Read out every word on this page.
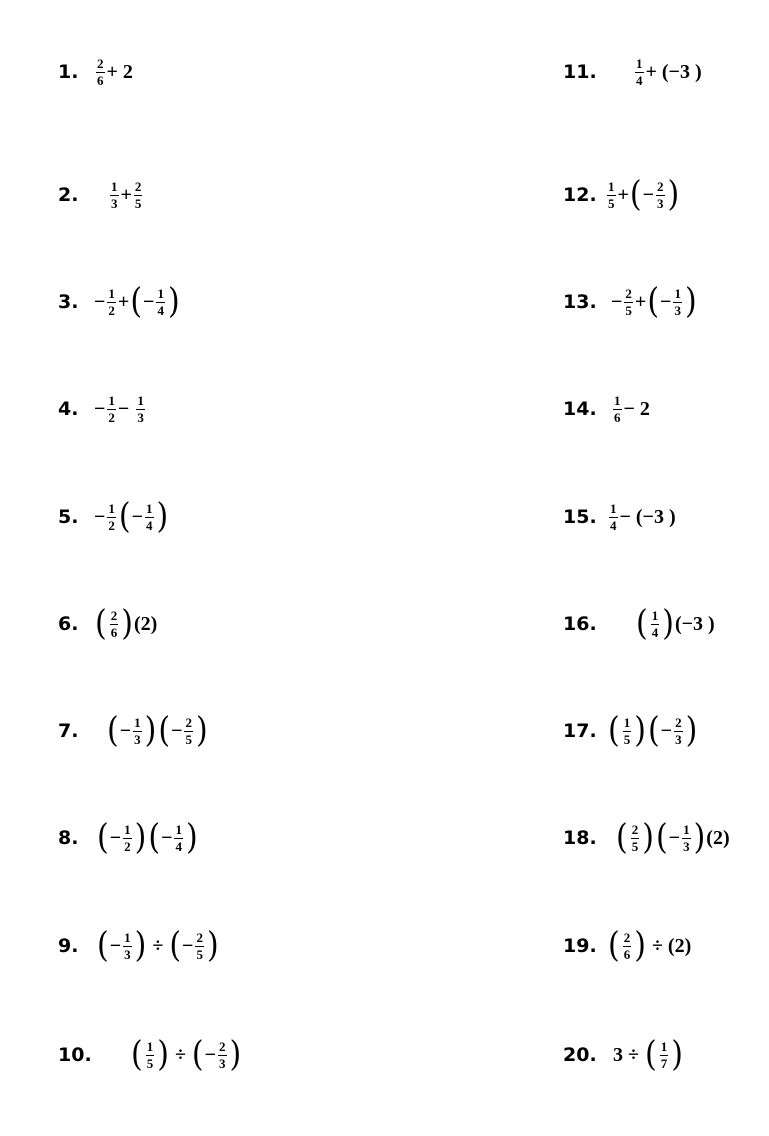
1.	$\frac{2}{6} + 2$
2.	$\frac{1}{3} + \frac{2}{5}$
3. − $\frac{1}{2}$ + ( − $\frac{1}{4}$ )
4. − $\frac{1}{2} - \frac{1}{3}$
5. − $\frac{1}{2}$ ( − $\frac{1}{4}$ )
6. ( $\frac{2}{6}$ ) (2)
7. ( − $\frac{1}{3}$ ) ( − $\frac{2}{5}$ )
8. ( − $\frac{1}{2}$ ) ( − $\frac{1}{4}$ )
9. ( − $\frac{1}{3}$ ) ÷ ( − $\frac{2}{5}$ )
10.	( $\frac{1}{5}$ ) ÷ ( − $\frac{2}{3}$ )
11.	$\frac{1}{4} + (-3$ )
12. $\frac{1}{5}$ + ( − $\frac{2}{3}$ )
13. − $\frac{2}{5}$ + ( − $\frac{1}{3}$ )
14.	$\frac{1}{6} - 2$
15. $\frac{1}{4} - (-3$ )
16.	( $\frac{1}{4}$ ) (−3 )
17. ( $\frac{1}{5}$ ) ( − $\frac{2}{3}$ )
18. ( $\frac{2}{5}$ ) ( − $\frac{1}{3}$ ) (2)
19. ( $\frac{2}{6}$ ) ÷ (2)
20. 3 ÷ ( $\frac{1}{7}$ )
